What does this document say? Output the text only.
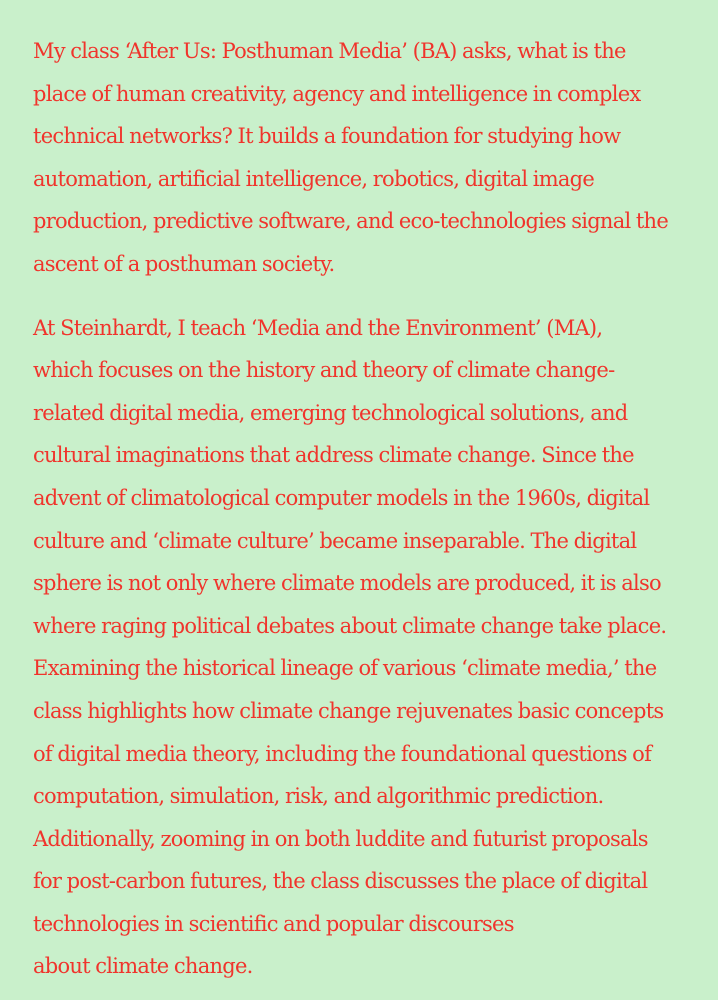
My class ‘After Us: Posthuman Media’ (BA) asks, what is the
place of human creativity, agency and intelligence in complex
technical networks? It builds a foundation for studying how
automation, artificial intelligence, robotics, digital image
production, predictive software, and eco-technologies signal the
ascent of a posthuman society.

At Steinhardt, I teach ‘Media and the Environment’ (MA),
which focuses on the history and theory of climate change-
related digital media, emerging technological solutions, and
cultural imaginations that address climate change. Since the
advent of climatological computer models in the 1960s, digital
culture and ‘climate culture’ became inseparable. The digital
sphere is not only where climate models are produced, it is also
where raging political debates about climate change take place.
Examining the historical lineage of various ‘climate media,’ the
class highlights how climate change rejuvenates basic concepts
of digital media theory, including the foundational questions of
computation, simulation, risk, and algorithmic prediction.
Additionally, zooming in on both luddite and futurist proposals
for post-carbon futures, the class discusses the place of digital
technologies in scientific and popular discourses
about climate change.
